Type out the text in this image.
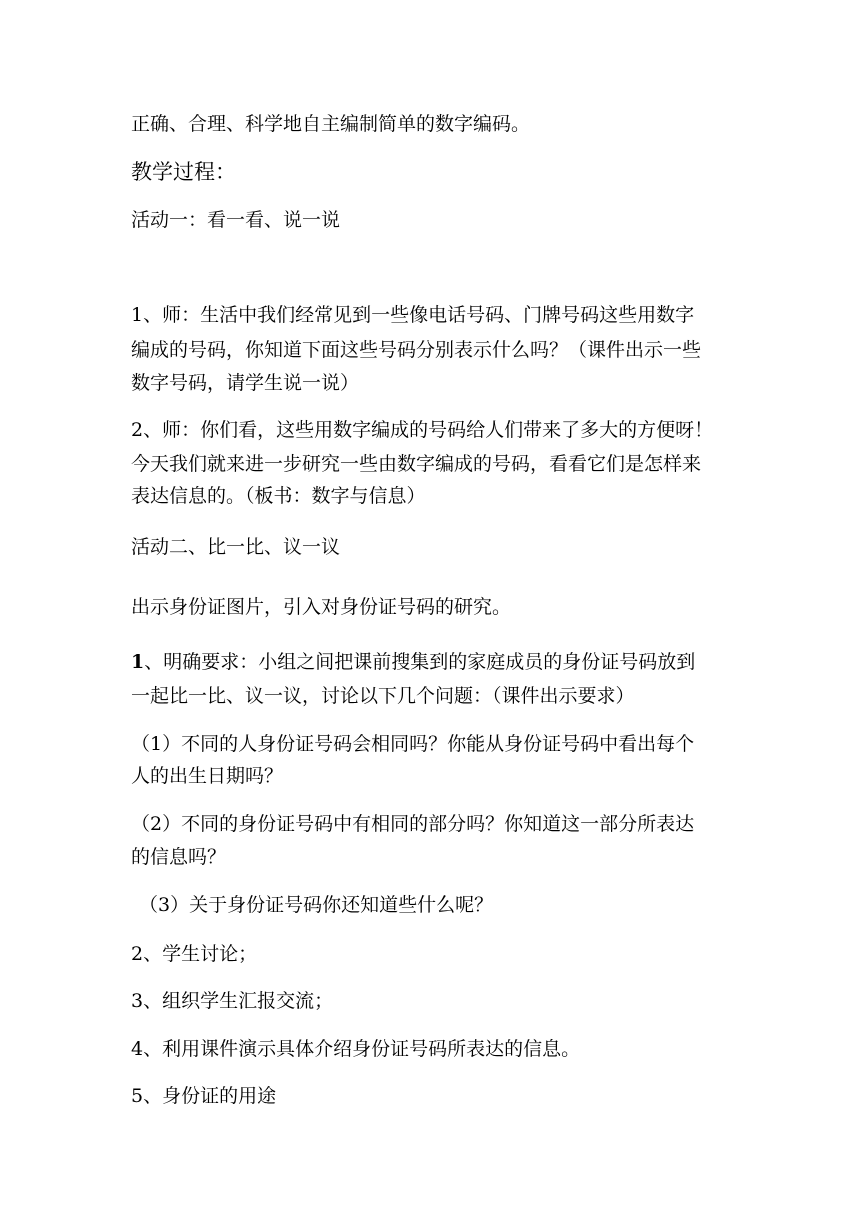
正确、合理、科学地自主编制简单的数字编码。

教学过程：

活动一：看一看、说一说

1、师：生活中我们经常见到一些像电话号码、门牌号码这些用数字

编成的号码，你知道下面这些号码分别表示什么吗？（课件出示一些

数字号码，请学生说一说）

2、师：你们看，这些用数字编成的号码给人们带来了多大的方便呀！

今天我们就来进一步研究一些由数字编成的号码，看看它们是怎样来

表达信息的。（板书：数字与信息）

活动二、比一比、议一议

出示身份证图片，引入对身份证号码的研究。

1、明确要求：小组之间把课前搜集到的家庭成员的身份证号码放到

一起比一比、议一议，讨论以下几个问题：（课件出示要求）

（1）不同的人身份证号码会相同吗？你能从身份证号码中看出每个

人的出生日期吗？

（2）不同的身份证号码中有相同的部分吗？你知道这一部分所表达

的信息吗？

（3）关于身份证号码你还知道些什么呢？

2、学生讨论；

3、组织学生汇报交流；

4、利用课件演示具体介绍身份证号码所表达的信息。

5、身份证的用途
